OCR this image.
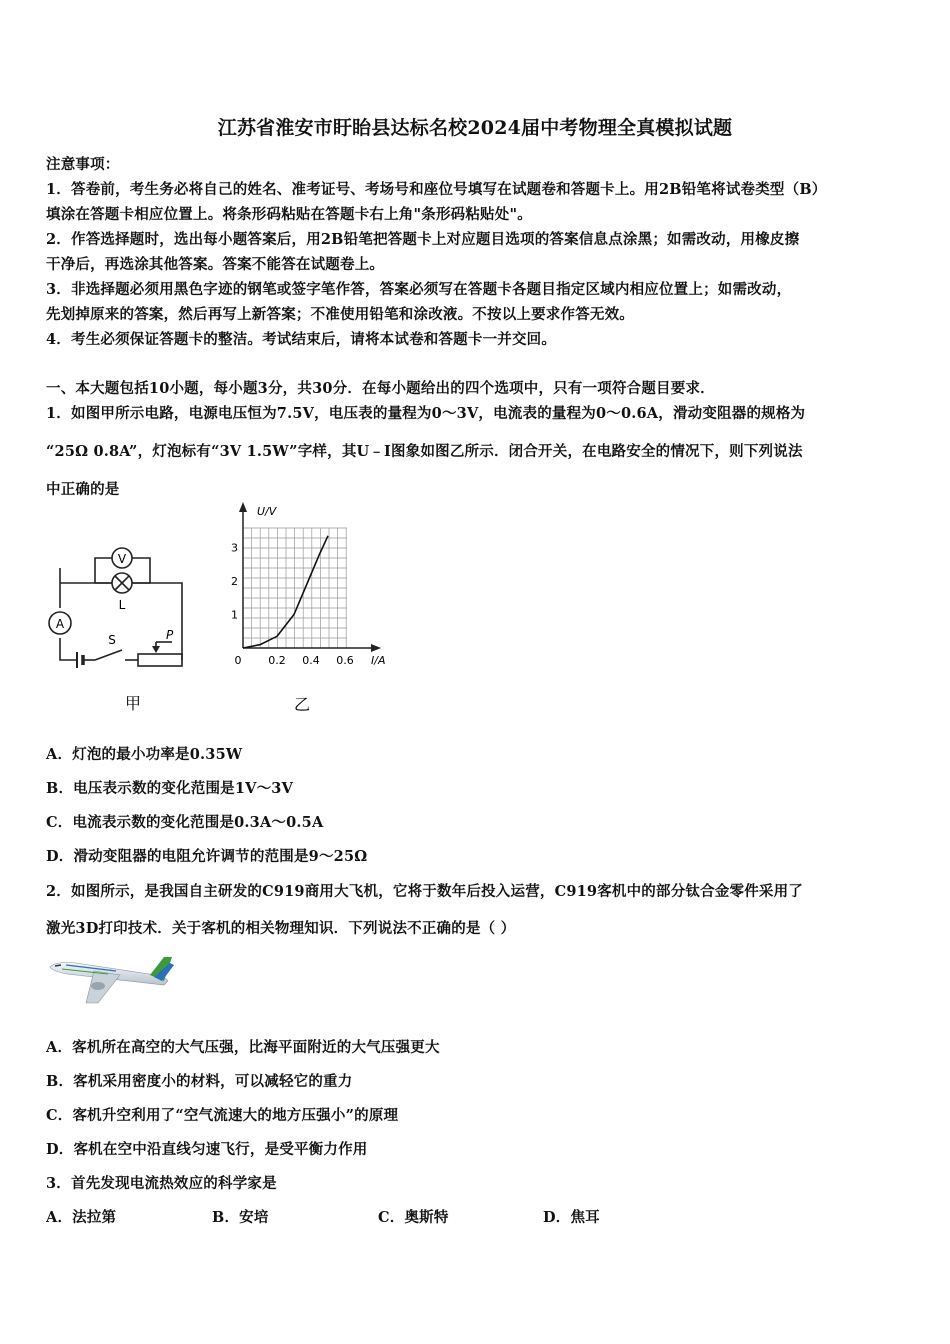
江苏省淮安市盱眙县达标名校2024届中考物理全真模拟试题
注意事项：
1．答卷前，考生务必将自己的姓名、准考证号、考场号和座位号填写在试题卷和答题卡上。用2B铅笔将试卷类型（B）
填涂在答题卡相应位置上。将条形码粘贴在答题卡右上角"条形码粘贴处"。
2．作答选择题时，选出每小题答案后，用2B铅笔把答题卡上对应题目选项的答案信息点涂黑；如需改动，用橡皮擦
干净后，再选涂其他答案。答案不能答在试题卷上。
3．非选择题必须用黑色字迹的钢笔或签字笔作答，答案必须写在答题卡各题目指定区域内相应位置上；如需改动，
先划掉原来的答案，然后再写上新答案；不准使用铅笔和涂改液。不按以上要求作答无效。
4．考生必须保证答题卡的整洁。考试结束后，请将本试卷和答题卡一并交回。
一、本大题包括10小题，每小题3分，共30分．在每小题给出的四个选项中，只有一项符合题目要求．
1．如图甲所示电路，电源电压恒为7.5V，电压表的量程为0～3V，电流表的量程为0～0.6A，滑动变阻器的规格为
“25Ω 0.8A”，灯泡标有“3V 1.5W”字样，其U﹣I图象如图乙所示．闭合开关，在电路安全的情况下，则下列说法
中正确的是
A
V
L
S	P
甲
U/V
I/A
0
1
2
3
0.2 0.4 0.6
乙
A．灯泡的最小功率是0.35W
B．电压表示数的变化范围是1V～3V
C．电流表示数的变化范围是0.3A～0.5A
D．滑动变阻器的电阻允许调节的范围是9～25Ω
2．如图所示，是我国自主研发的C919商用大飞机，它将于数年后投入运营，C919客机中的部分钛合金零件采用了
激光3D打印技术．关于客机的相关物理知识．下列说法不正确的是（ ）
A．客机所在高空的大气压强，比海平面附近的大气压强更大
B．客机采用密度小的材料，可以减轻它的重力
C．客机升空利用了“空气流速大的地方压强小”的原理
D．客机在空中沿直线匀速飞行，是受平衡力作用
3．首先发现电流热效应的科学家是
A．法拉第	B．安培	C．奥斯特	D．焦耳
